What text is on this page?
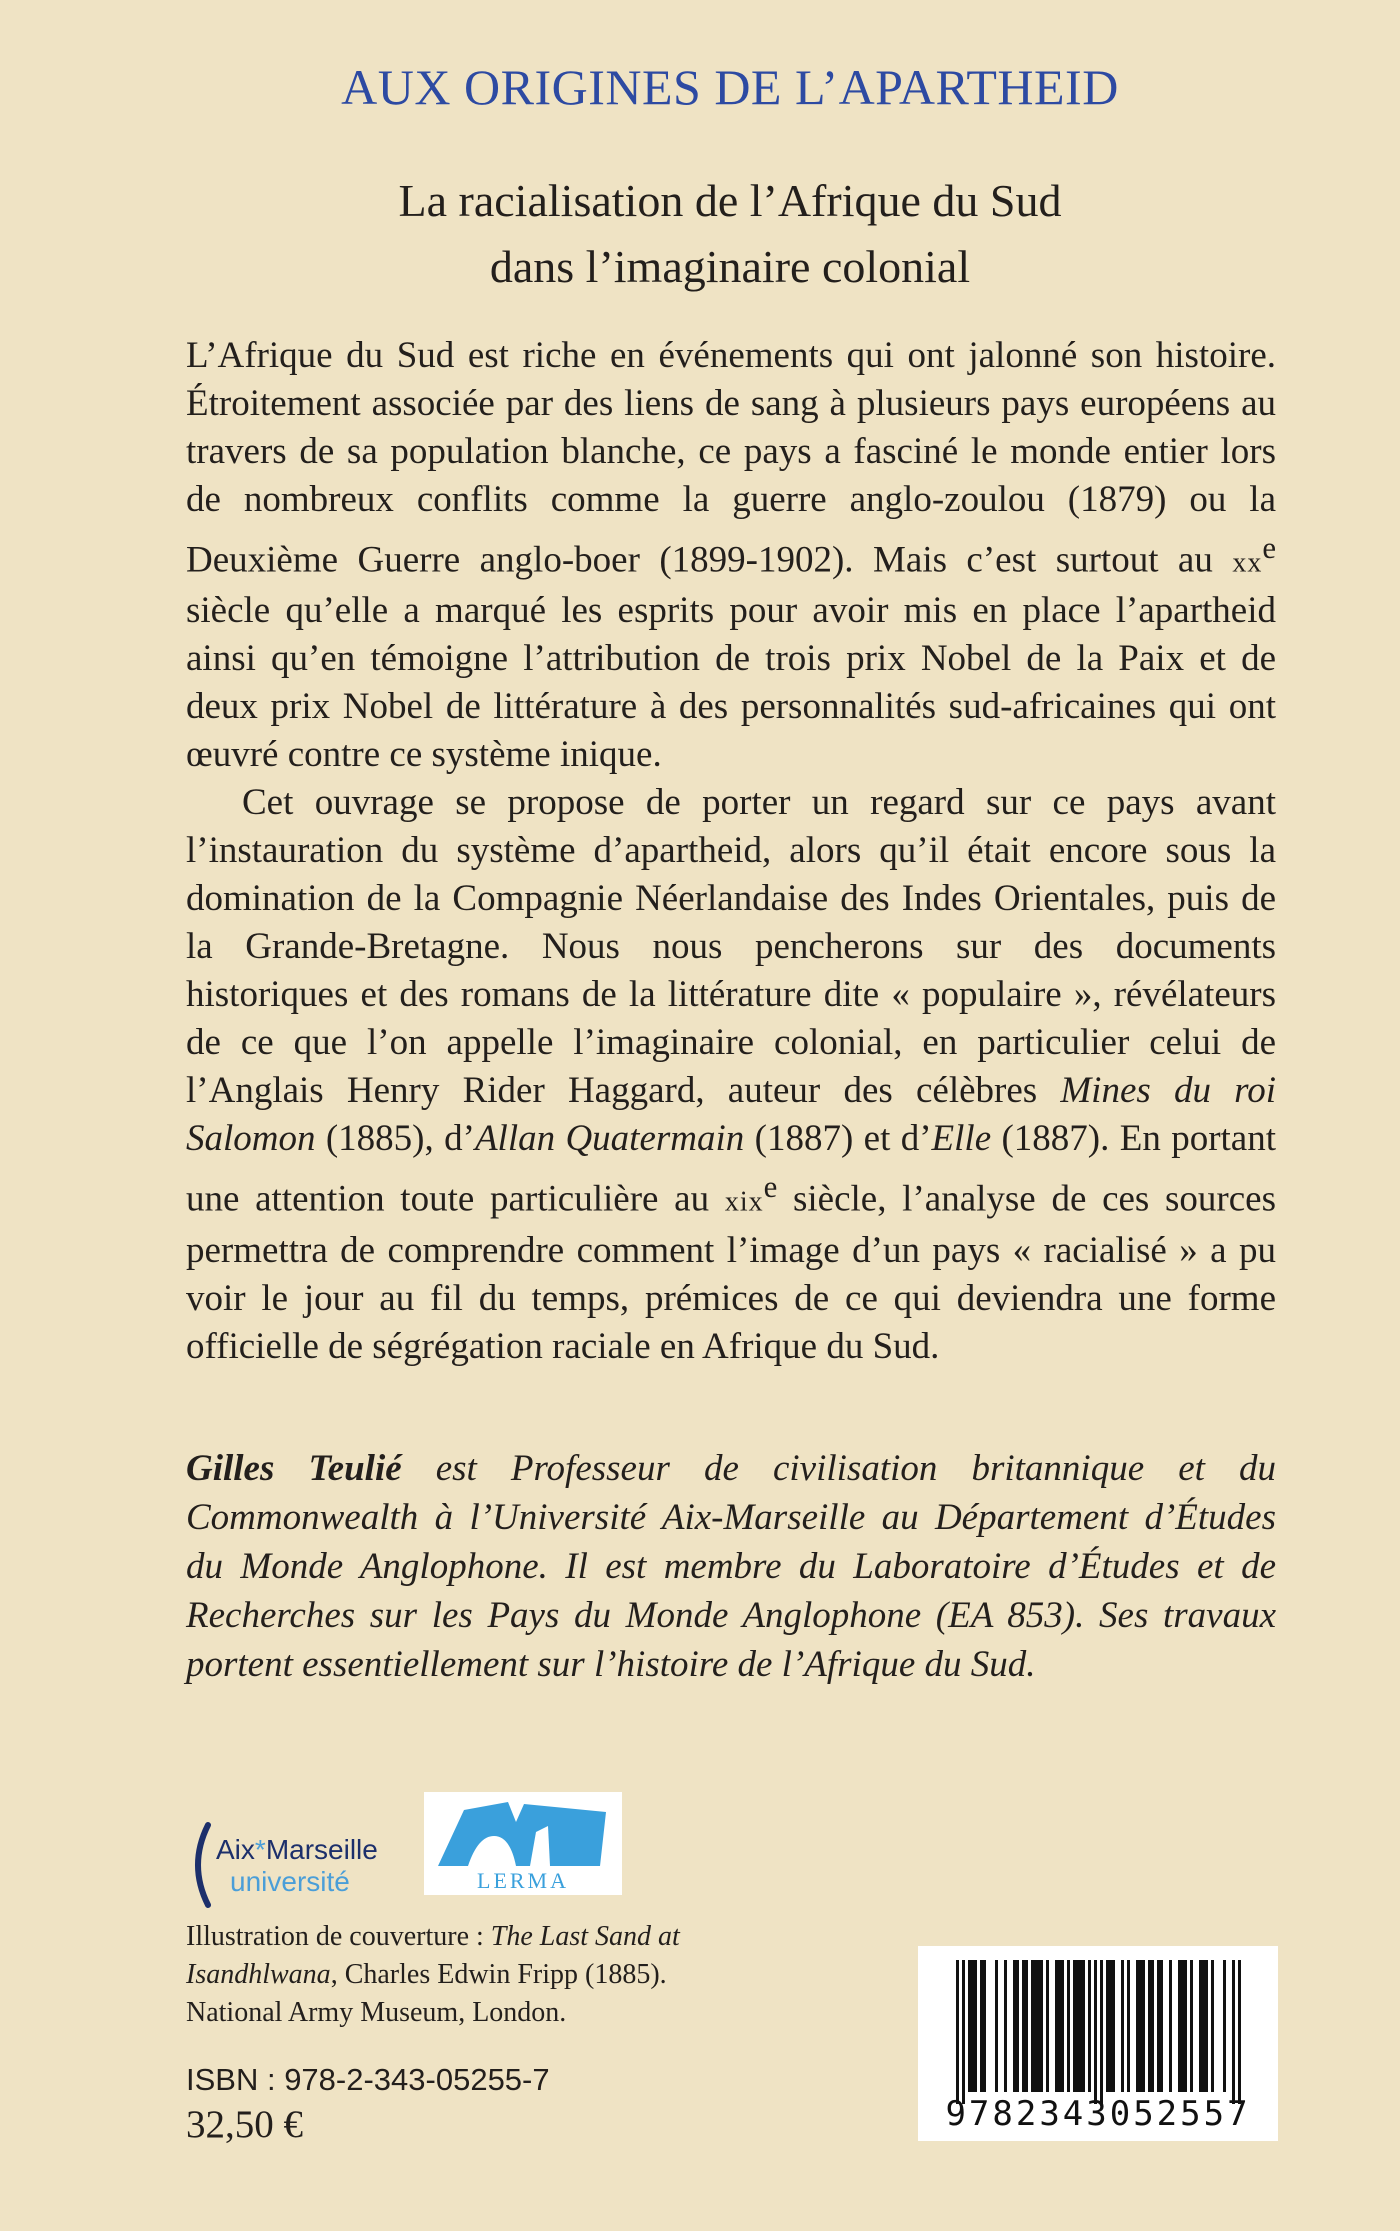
AUX ORIGINES DE L’APARTHEID
La racialisation de l’Afrique du Sud
dans l’imaginaire colonial

L’Afrique du Sud est riche en événements qui ont jalonné son histoire. Étroitement associée par des liens de sang à plusieurs pays européens au travers de sa population blanche, ce pays a fasciné le monde entier lors de nombreux conflits comme la guerre anglo-zoulou (1879) ou la Deuxième Guerre anglo-boer (1899-1902). Mais c’est surtout au $xx^e$ siècle qu’elle a marqué les esprits pour avoir mis en place l’apartheid ainsi qu’en témoigne l’attribution de trois prix Nobel de la Paix et de deux prix Nobel de littérature à des personnalités sud-africaines qui ont œuvré contre ce système inique.

Cet ouvrage se propose de porter un regard sur ce pays avant l’instauration du système d’apartheid, alors qu’il était encore sous la domination de la Compagnie Néerlandaise des Indes Orientales, puis de la Grande-Bretagne. Nous nous pencherons sur des documents historiques et des romans de la littérature dite « populaire », révélateurs de ce que l’on appelle l’imaginaire colonial, en particulier celui de l’Anglais Henry Rider Haggard, auteur des célèbres Mines du roi Salomon (1885), d’Allan Quatermain (1887) et d’Elle (1887). En portant une attention toute particulière au xix$^e$ siècle, l’analyse de ces sources permettra de comprendre comment l’image d’un pays « racialisé » a pu voir le jour au fil du temps, prémices de ce qui deviendra une forme officielle de ségrégation raciale en Afrique du Sud.

Gilles Teulié est Professeur de civilisation britannique et du Commonwealth à l’Université Aix-Marseille au Département d’Études du Monde Anglophone. Il est membre du Laboratoire d’Études et de Recherches sur les Pays du Monde Anglophone (EA 853). Ses travaux portent essentiellement sur l’histoire de l’Afrique du Sud.

Aix*Marseille
université	LERMA

Illustration de couverture : The Last Sand at Isandhlwana, Charles Edwin Fripp (1885).
National Army Museum, London.

ISBN : 978-2-343-05255-7
32,50 €	9782343052557
